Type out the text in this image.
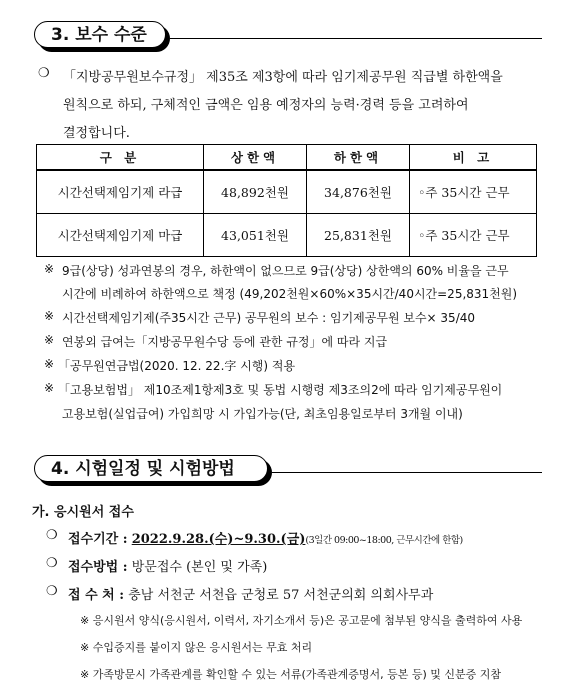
3. 보수 수준
❍ 「지방공무원보수규정」 제35조 제3항에 따라 임기제공무원 직급별 하한액을
원칙으로 하되, 구체적인 금액은 임용 예정자의 능력·경력 등을 고려하여
결정합니다.
구 분	상한액	하한액	비 고
시간선택제임기제 라급	48,892천원	34,876천원	◦주 35시간 근무
시간선택제임기제 마급	43,051천원	25,831천원	◦주 35시간 근무
※ 9급(상당) 성과연봉의 경우, 하한액이 없으므로 9급(상당) 상한액의 60% 비율을 근무
시간에 비례하여 하한액으로 책정 (49,202천원×60%×35시간/40시간=25,831천원)
※ 시간선택제임기제(주35시간 근무) 공무원의 보수 : 임기제공무원 보수× 35/40
※ 연봉외 급여는「지방공무원수당 등에 관한 규정」에 따라 지급
※ 「공무원연금법(2020. 12. 22.字 시행) 적용
※ 「고용보험법」 제10조제1항제3호 및 동법 시행령 제3조의2에 따라 임기제공무원이
고용보험(실업급여) 가입희망 시 가입가능(단, 최초임용일로부터 3개월 이내)
4. 시험일정 및 시험방법
가. 응시원서 접수
❍ 접수기간 : 2022.9.28.(수)~9.30.(금)(3일간 09:00~18:00, 근무시간에 한함)
❍ 접수방법 : 방문접수 (본인 및 가족)
❍ 접 수 처 : 충남 서천군 서천읍 군청로 57 서천군의회 의회사무과
※ 응시원서 양식(응시원서, 이력서, 자기소개서 등)은 공고문에 첨부된 양식을 출력하여 사용
※ 수입증지를 붙이지 않은 응시원서는 무효 처리
※ 가족방문시 가족관계를 확인할 수 있는 서류(가족관계증명서, 등본 등) 및 신분증 지참
